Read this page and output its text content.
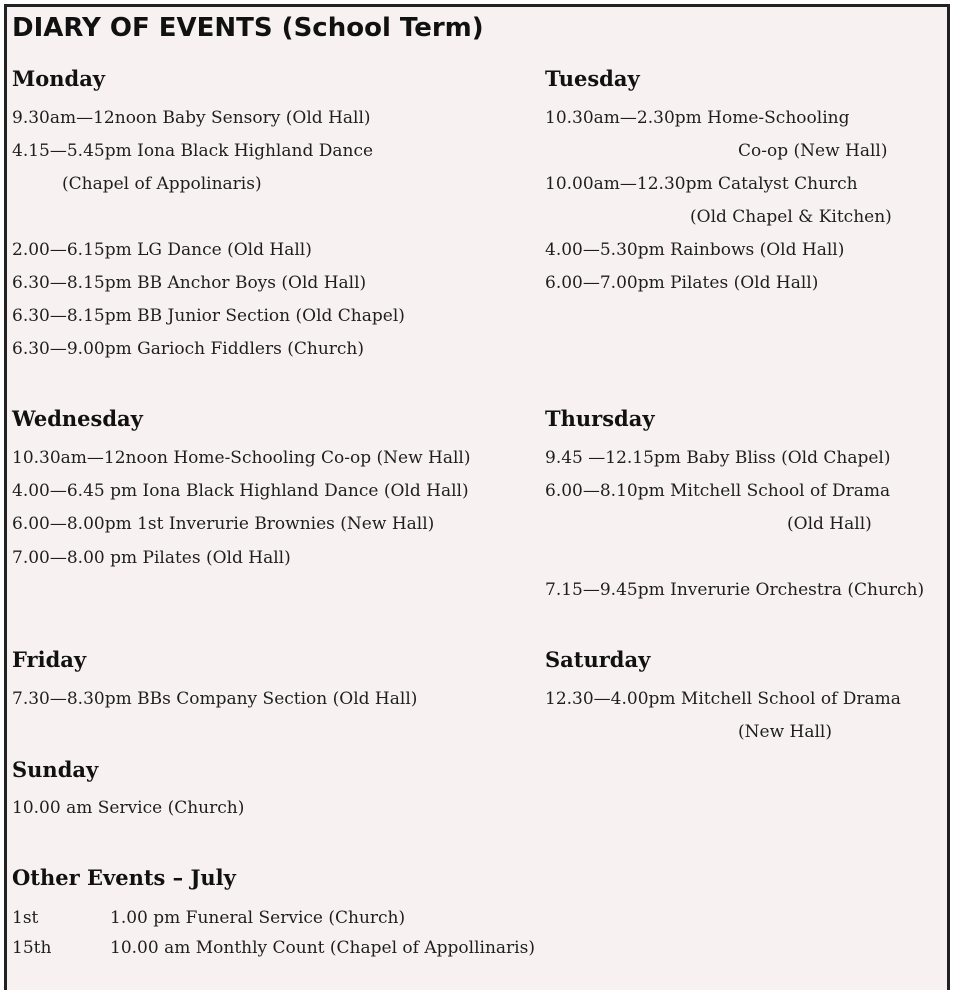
DIARY OF EVENTS (School Term)
Monday

9.30am—12noon Baby Sensory (Old Hall)

4.15—5.45pm Iona Black Highland Dance

(Chapel of Appolinaris)

2.00—6.15pm LG Dance (Old Hall)

6.30—8.15pm BB Anchor Boys (Old Hall)

6.30—8.15pm BB Junior Section (Old Chapel)

6.30—9.00pm Garioch Fiddlers (Church)

Tuesday

10.30am—2.30pm Home-Schooling

Co-op (New Hall)

10.00am—12.30pm Catalyst Church

(Old Chapel & Kitchen)

4.00—5.30pm Rainbows (Old Hall)

6.00—7.00pm Pilates (Old Hall)

Wednesday

10.30am—12noon Home-Schooling Co-op (New Hall)

4.00—6.45 pm Iona Black Highland Dance (Old Hall)

6.00—8.00pm 1st Inverurie Brownies (New Hall)

7.00—8.00 pm Pilates (Old Hall)

Thursday

9.45 —12.15pm Baby Bliss (Old Chapel)

6.00—8.10pm Mitchell School of Drama

(Old Hall)

7.15—9.45pm Inverurie Orchestra (Church)

Friday

7.30—8.30pm BBs Company Section (Old Hall)

Saturday

12.30—4.00pm Mitchell School of Drama

(New Hall)

Sunday

10.00 am Service (Church)

Other Events – July

1st	1.00 pm Funeral Service (Church)

15th	10.00 am Monthly Count (Chapel of Appollinaris)
